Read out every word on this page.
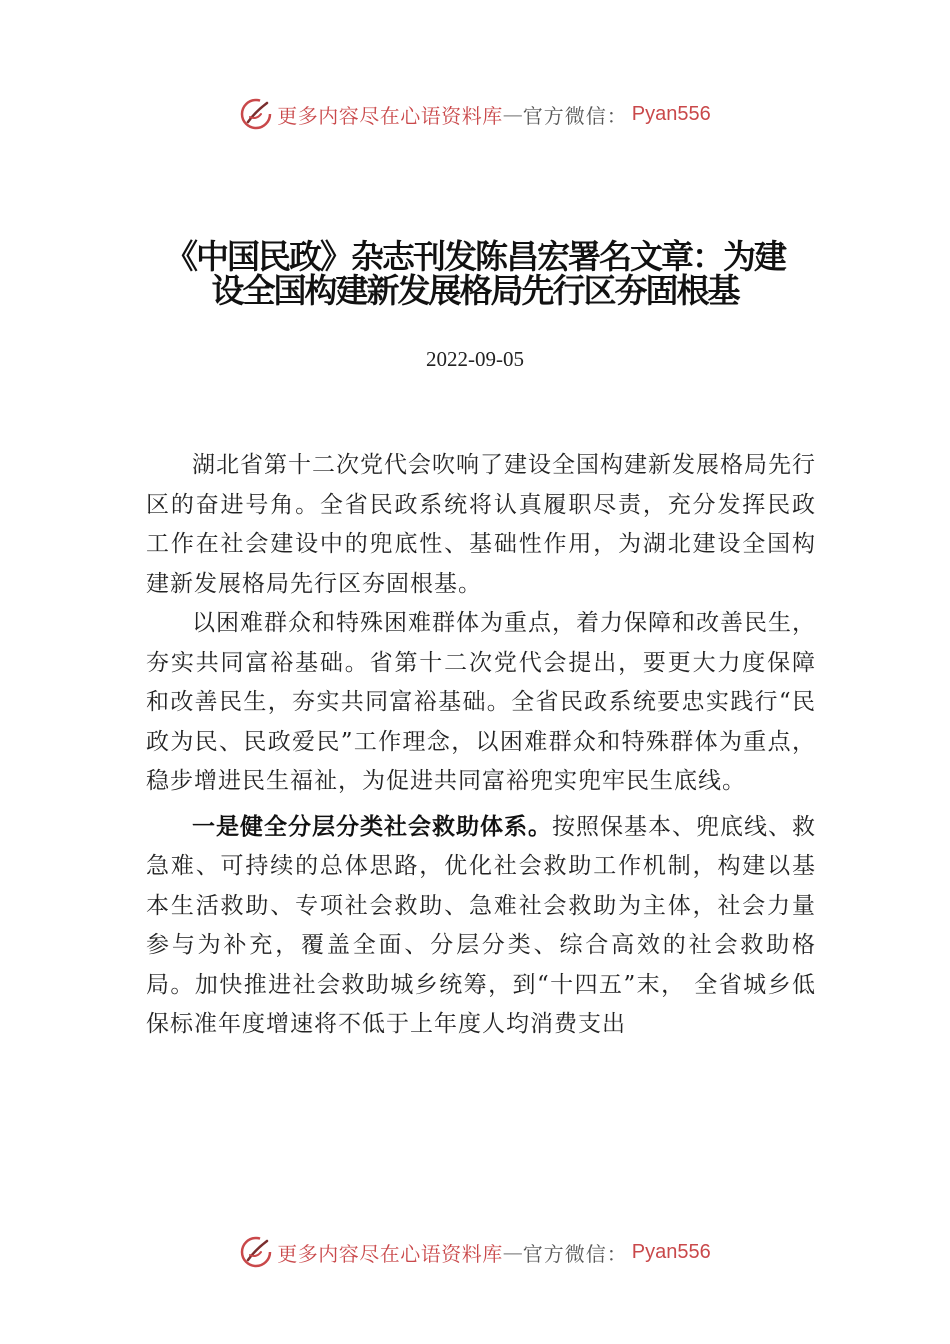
更多内容尽在心语资料库 — 官方微信： Pyan556
《中国民政》杂志刊发陈昌宏署名文章：为建设全国构建新发展格局先行区夯固根基
2022-09-05

湖北省第十二次党代会吹响了建设全国构建新发展格局先行区的奋进号角。全省民政系统将认真履职尽责，充分发挥民政工作在社会建设中的兜底性、基础性作用，为湖北建设全国构建新发展格局先行区夯固根基。

以困难群众和特殊困难群体为重点，着力保障和改善民生，夯实共同富裕基础。省第十二次党代会提出，要更大力度保障和改善民生，夯实共同富裕基础。全省民政系统要忠实践行“民政为民、民政爱民”工作理念，以困难群众和特殊群体为重点，稳步增进民生福祉，为促进共同富裕兜实兜牢民生底线。

一是健全分层分类社会救助体系。按照保基本、兜底线、救急难、可持续的总体思路，优化社会救助工作机制，构建以基本生活救助、专项社会救助、急难社会救助为主体，社会力量参与为补充，覆盖全面、分层分类、综合高效的社会救助格局。加快推进社会救助城乡统筹，到“十四五”末， 全省城乡低保标准年度增速将不低于上年度人均消费支出

更多内容尽在心语资料库 — 官方微信： Pyan556
